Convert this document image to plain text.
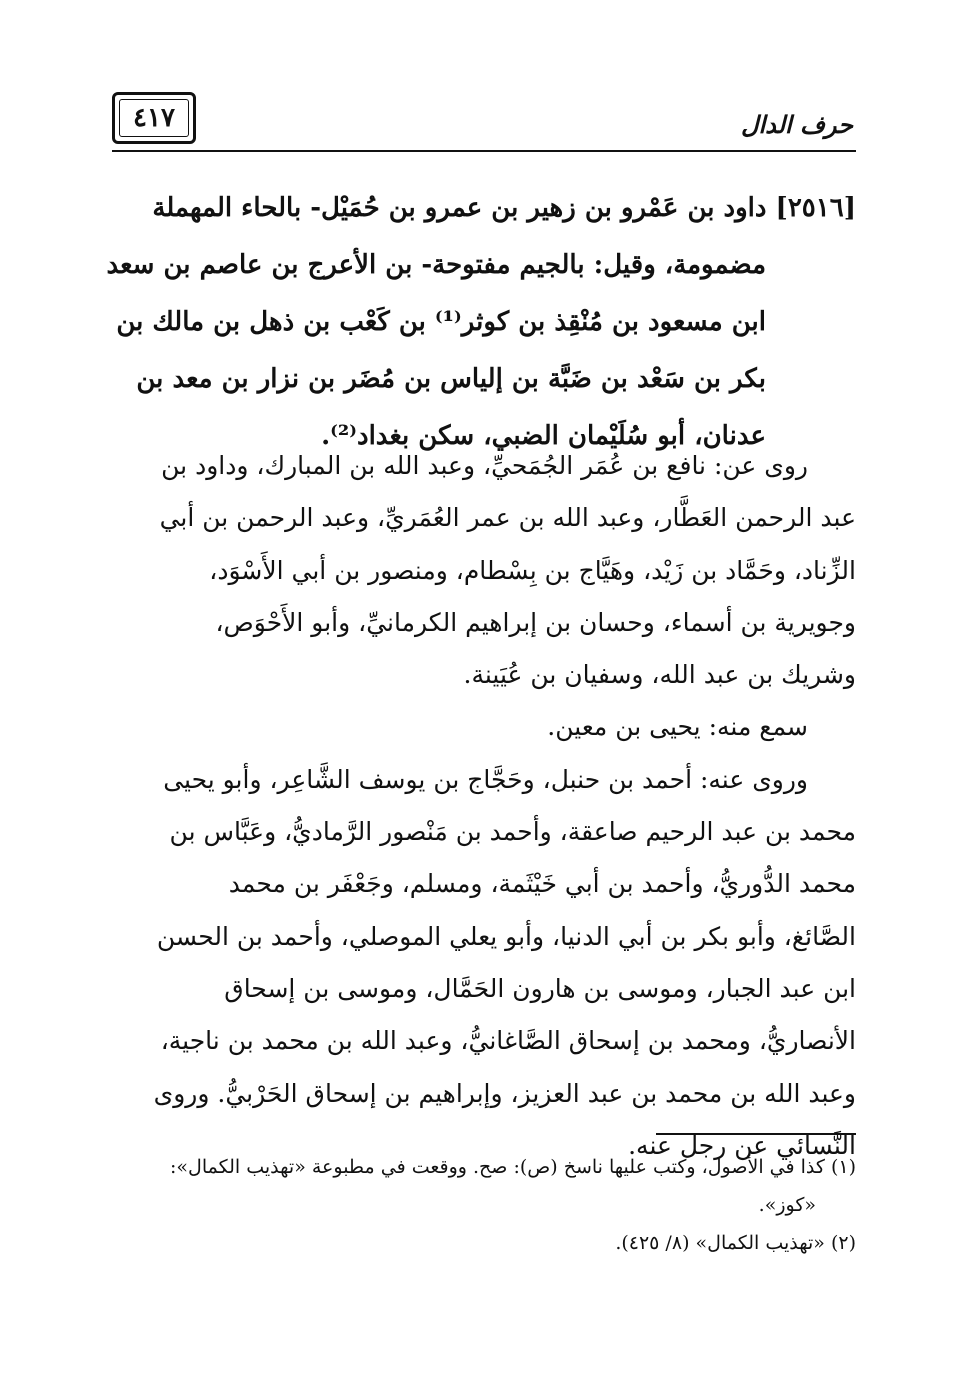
٤١٧	حرف الدال
[٢٥١٦] داود بن عَمْرو بن زهير بن عمرو بن حُمَيْل- بالحاء المهملة
مضمومة، وقيل: بالجيم مفتوحة- بن الأعرج بن عاصم بن سعد
ابن مسعود بن مُنْقِذ بن كوثر⁽¹⁾ بن كَعْب بن ذهل بن مالك بن
بكر بن سَعْد بن ضَبَّة بن إلياس بن مُضَر بن نزار بن معد بن
عدنان، أبو سُلَيْمان الضبي، سكن بغداد⁽²⁾.
روى عن: نافع بن عُمَر الجُمَحيِّ، وعبد الله بن المبارك، وداود بن
عبد الرحمن العَطَّار، وعبد الله بن عمر العُمَريِّ، وعبد الرحمن بن أبي
الزِّناد، وحَمَّاد بن زَيْد، وهَيَّاج بن بِسْطام، ومنصور بن أبي الأَسْوَد،
وجويرية بن أسماء، وحسان بن إبراهيم الكرمانيِّ، وأبو الأَحْوَص،
وشريك بن عبد الله، وسفيان بن عُيَينة.
سمع منه: يحيى بن معين.
وروى عنه: أحمد بن حنبل، وحَجَّاج بن يوسف الشَّاعِر، وأبو يحيى
محمد بن عبد الرحيم صاعقة، وأحمد بن مَنْصور الرَّماديُّ، وعَبَّاس بن
محمد الدُّوريُّ، وأحمد بن أبي خَيْثَمة، ومسلم، وجَعْفَر بن محمد
الصَّائغ، وأبو بكر بن أبي الدنيا، وأبو يعلي الموصلي، وأحمد بن الحسن
ابن عبد الجبار، وموسى بن هارون الحَمَّال، وموسى بن إسحاق
الأنصاريُّ، ومحمد بن إسحاق الصَّاغانيُّ، وعبد الله بن محمد بن ناجية،
وعبد الله بن محمد بن عبد العزيز، وإبراهيم بن إسحاق الحَرْبيُّ. وروى
النَّسائي عن رجل عنه.
(١) كذا في الأصول، وكتب عليها ناسخ (ص): صح. ووقعت في مطبوعة «تهذيب الكمال»:
«كوز».
(٢) «تهذيب الكمال» (٨/ ٤٢٥).
